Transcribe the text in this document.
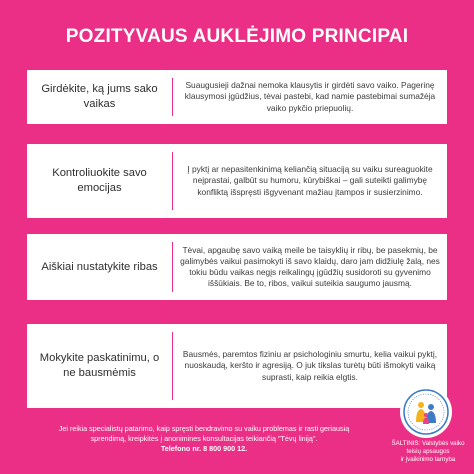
POZITYVAUS AUKLĖJIMO PRINCIPAI
Girdėkite, ką jums sako vaikas
Suaugusieji dažnai nemoka klausytis ir girdėti savo vaiko. Pagerinę klausymosi įgūdžius, tėvai pastebi, kad namie pastebimai sumažėja vaiko pykčio priepuolių.
Kontroliuokite savo emocijas
Į pyktį ar nepasitenkinimą keliančią situaciją su vaiku sureaguokite neįprastai, galbūt su humoru, kūrybiškai – gali suteikti galimybę konfliktą išspręsti išgyvenant mažiau įtampos ir susierzinimo.
Aiškiai nustatykite ribas
Tėvai, apgaubę savo vaiką meile be taisyklių ir ribų, be pasekmių, be galimybės vaikui pasimokyti iš savo klaidų, daro jam didžiulę žalą, nes tokiu būdu vaikas negįs reikalingų įgūdžių susidoroti su gyvenimo iššūkiais. Be to, ribos, vaikui suteikia saugumo jausmą.
Mokykite paskatinimu, o ne bausmėmis
Bausmės, paremtos fiziniu ar psichologiniu smurtu, kelia vaikui pyktį, nuoskaudą, keršto ir agresiją. O juk tikslas turėtų būti išmokyti vaiką suprasti, kaip reikia elgtis.
Jei reikia specialistų patarimo, kaip spręsti bendravimo su vaiku problemas ir rasti geriausią
sprendimą, kreipkitės į anonimines konsultacijas teikiančią "Tėvų liniją".
Telefono nr. 8 800 900 12.
ŠALTINIS: Valstybės vaiko teisių apsaugos
ir įvaikinimo tarnyba
